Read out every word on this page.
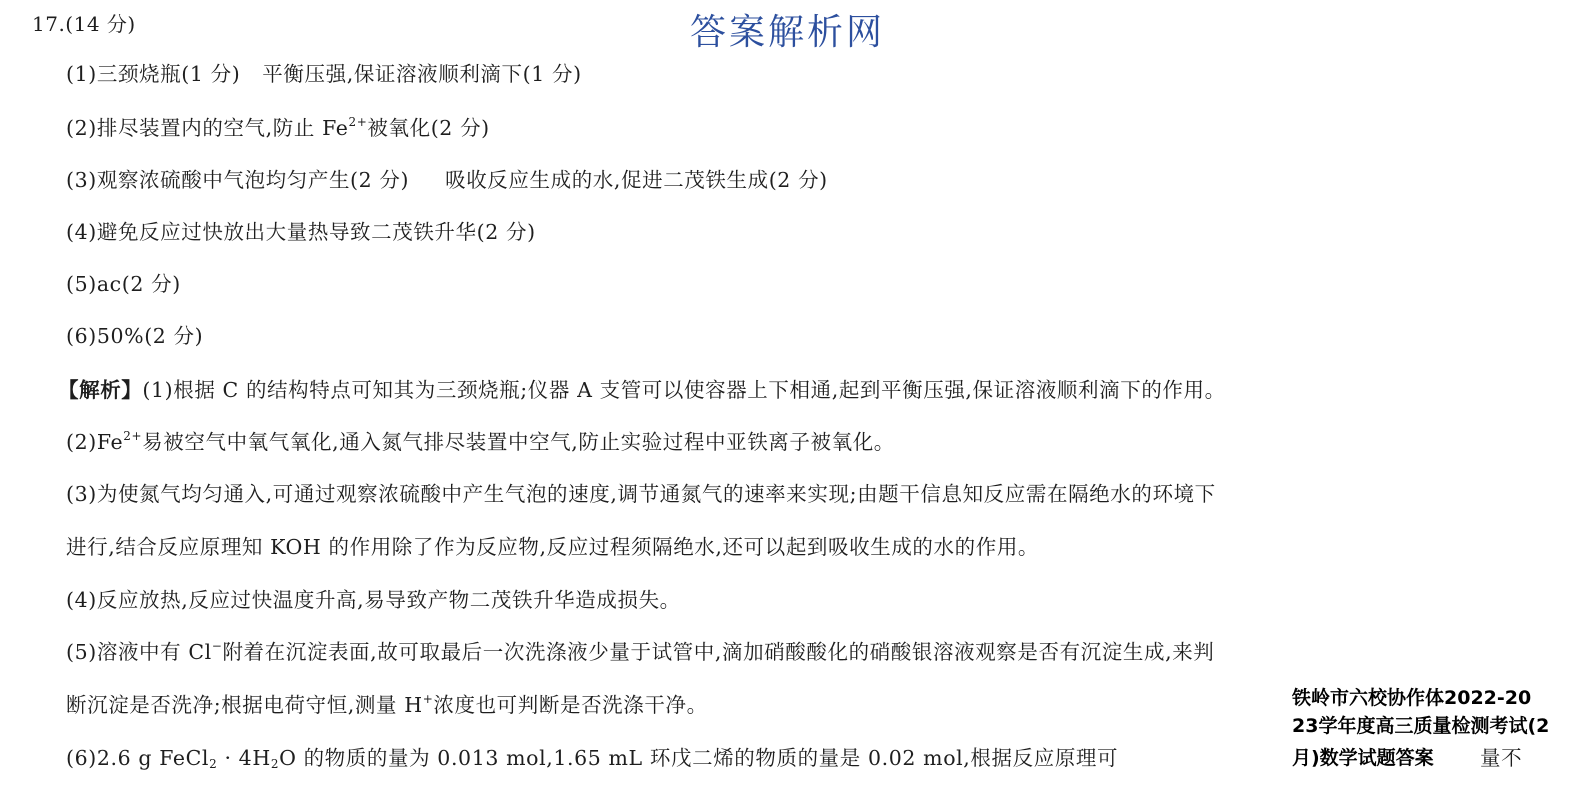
17.(14 分)	答案解析网
(1)三颈烧瓶(1 分) 平衡压强,保证溶液顺利滴下(1 分)
(2)排尽装置内的空气,防止 $Fe^{2+}$被氧化(2 分)
(3)观察浓硫酸中气泡均匀产生(2 分) 吸收反应生成的水,促进二茂铁生成(2 分)
(4)避免反应过快放出大量热导致二茂铁升华(2 分)
(5)ac(2 分)
(6)50%(2 分)
【解析】(1)根据 C 的结构特点可知其为三颈烧瓶;仪器 A 支管可以使容器上下相通,起到平衡压强,保证溶液顺利滴下的作用。
$(2)Fe^{2+}$易被空气中氧气氧化,通入氮气排尽装置中空气,防止实验过程中亚铁离子被氧化。
(3)为使氮气均匀通入,可通过观察浓硫酸中产生气泡的速度,调节通氮气的速率来实现;由题干信息知反应需在隔绝水的环境下
进行,结合反应原理知 KOH 的作用除了作为反应物,反应过程须隔绝水,还可以起到吸收生成的水的作用。
(4)反应放热,反应过快温度升高,易导致产物二茂铁升华造成损失。
(5)溶液中有 Cl−附着在沉淀表面,故可取最后一次洗涤液少量于试管中,滴加硝酸酸化的硝酸银溶液观察是否有沉淀生成,来判
断沉淀是否洗净;根据电荷守恒,测量 H+浓度也可判断是否洗涤干净。
(6)2.6 g FeCl$_2$ · $4H_2O$ 的物质的量为 0.013 mol,1.65 mL 环戊二烯的物质的量是 0.02 mol,根据反应原理可	量不
铁岭市六校协作体2022-20
23学年度高三质量检测考试(2
月)数学试题答案
